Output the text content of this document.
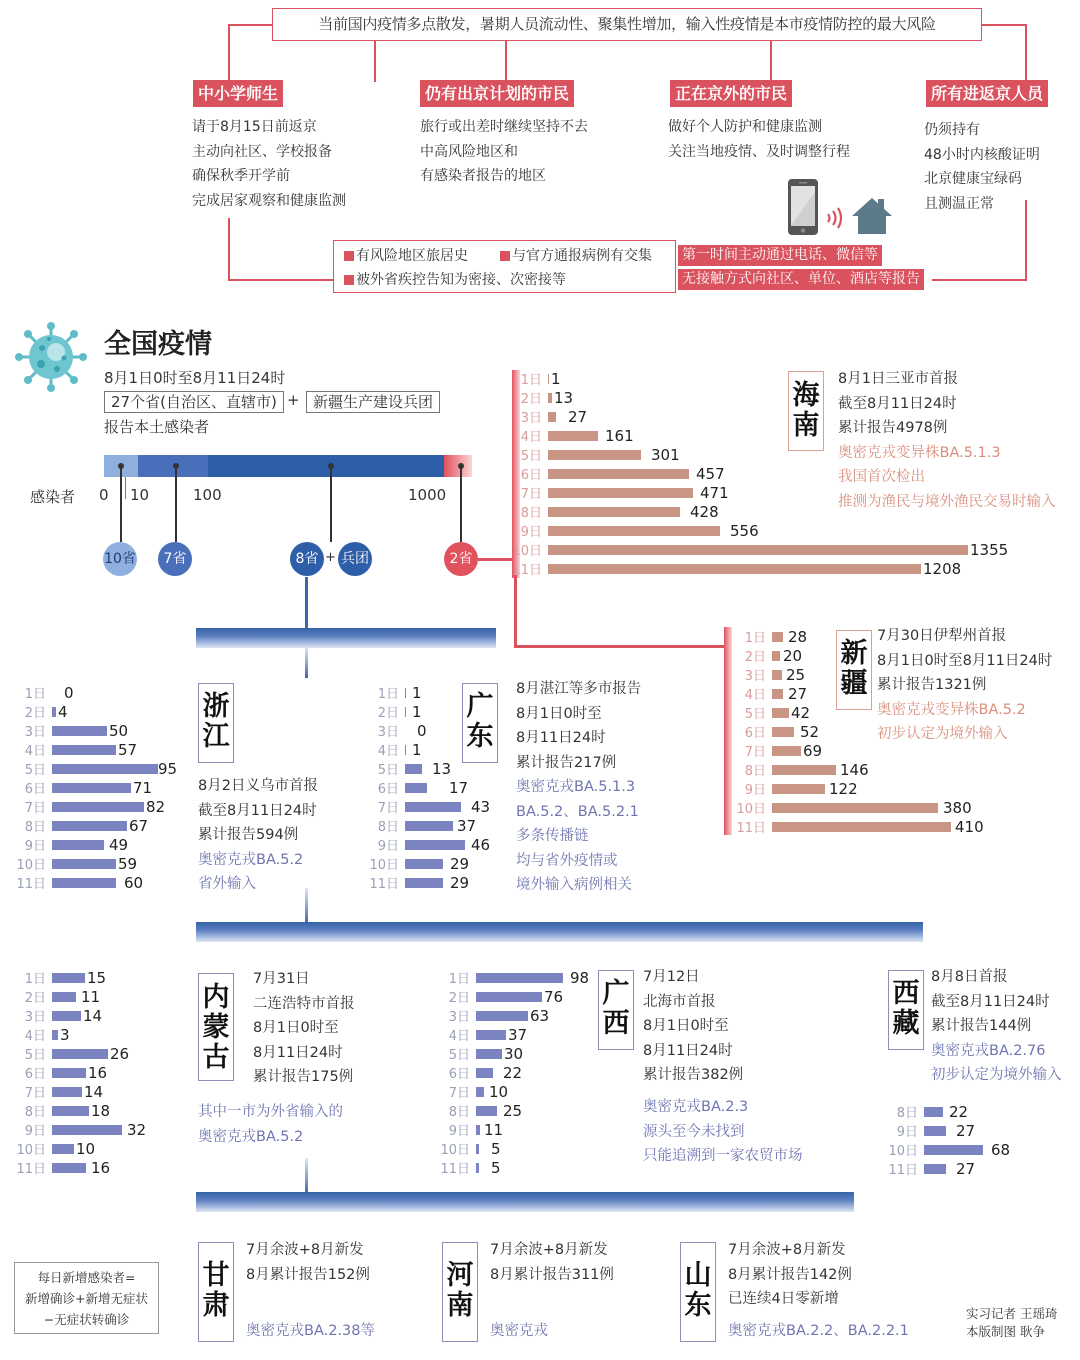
当前国内疫情多点散发，暑期人员流动性、聚集性增加，输入性疫情是本市疫情防控的最大风险
中小学师生
请于8月15日前返京
主动向社区、学校报备
确保秋季开学前
完成居家观察和健康监测
仍有出京计划的市民
旅行或出差时继续坚持不去
中高风险地区和
有感染者报告的地区
正在京外的市民
做好个人防护和健康监测
关注当地疫情、及时调整行程
所有进返京人员
仍须持有
48小时内核酸证明
北京健康宝绿码
且测温正常
有风险地区旅居史	与官方通报病例有交集
被外省疾控告知为密接、次密接等
第一时间主动通过电话、微信等
无接触方式向社区、单位、酒店等报告
全国疫情
8月1日0时至8月11日24时
27个省(自治区、直辖市) + 新疆生产建设兵团
报告本土感染者
感染者 0 10	100	1000
10省	7省	8省 + 兵团	2省
1日 1
2日 13
3日 27
4日	161
5日	301
6日	457
7日	471
8日	428
9日	556
10日	1355
11日	1208
海南
8月1日三亚市首报
截至8月11日24时
累计报告4978例
奥密克戎变异株BA.5.1.3
我国首次检出
推测为渔民与境外渔民交易时输入
1日 28
2日 20
3日 25
4日 27
5日 42
6日 52
7日 69
8日	146
9日	122
10日	380
11日	410
新疆
7月30日伊犁州首报
8月1日0时至8月11日24时
累计报告1321例
奥密克戎变异株BA.5.2
初步认定为境外输入
1日 0
2日 4
3日	50
4日	57
5日	95
6日	71
7日	82
8日	67
9日	49
10日	59
11日	60
浙江
8月2日义乌市首报
截至8月11日24时
累计报告594例
奥密克戎BA.5.2
省外输入
1日 1
2日 1
3日 0
4日 1
5日 13
6日	17
7日	43
8日	37
9日	46
10日	29
11日	29
广东
8月湛江等多市报告
8月1日0时至
8月11日24时
累计报告217例
奥密克戎BA.5.1.3
BA.5.2、BA.5.2.1
多条传播链
均与省外疫情或
境外输入病例相关
1日	15
2日 11
3日 14
4日 3
5日	26
6日	16
7日	14
8日	18
9日	32
10日 10
11日	16
内蒙古
7月31日
二连浩特市首报
8月1日0时至
8月11日24时
累计报告175例
其中一市为外省输入的
奥密克戎BA.5.2
1日	98
2日	76
3日	63
4日	37
5日 30
6日 22
7日 10
8日 25
9日 11
10日 5
11日 5
广西
7月12日
北海市首报
8月1日0时至
8月11日24时
累计报告382例
奥密克戎BA.2.3
源头至今未找到
只能追溯到一家农贸市场
西藏
8月8日首报
截至8月11日24时
累计报告144例
奥密克戎BA.2.76
初步认定为境外输入
8日 22
9日	27
10日	68
11日	27
每日新增感染者=
新增确诊+新增无症状
−无症状转确诊
甘肃
7月余波+8月新发
8月累计报告152例
奥密克戎BA.2.38等
河南
7月余波+8月新发
8月累计报告311例
奥密克戎
山东
7月余波+8月新发
8月累计报告142例
已连续4日零新增
奥密克戎BA.2.2、BA.2.2.1
实习记者 王瑶琦
本版制图 耿争
